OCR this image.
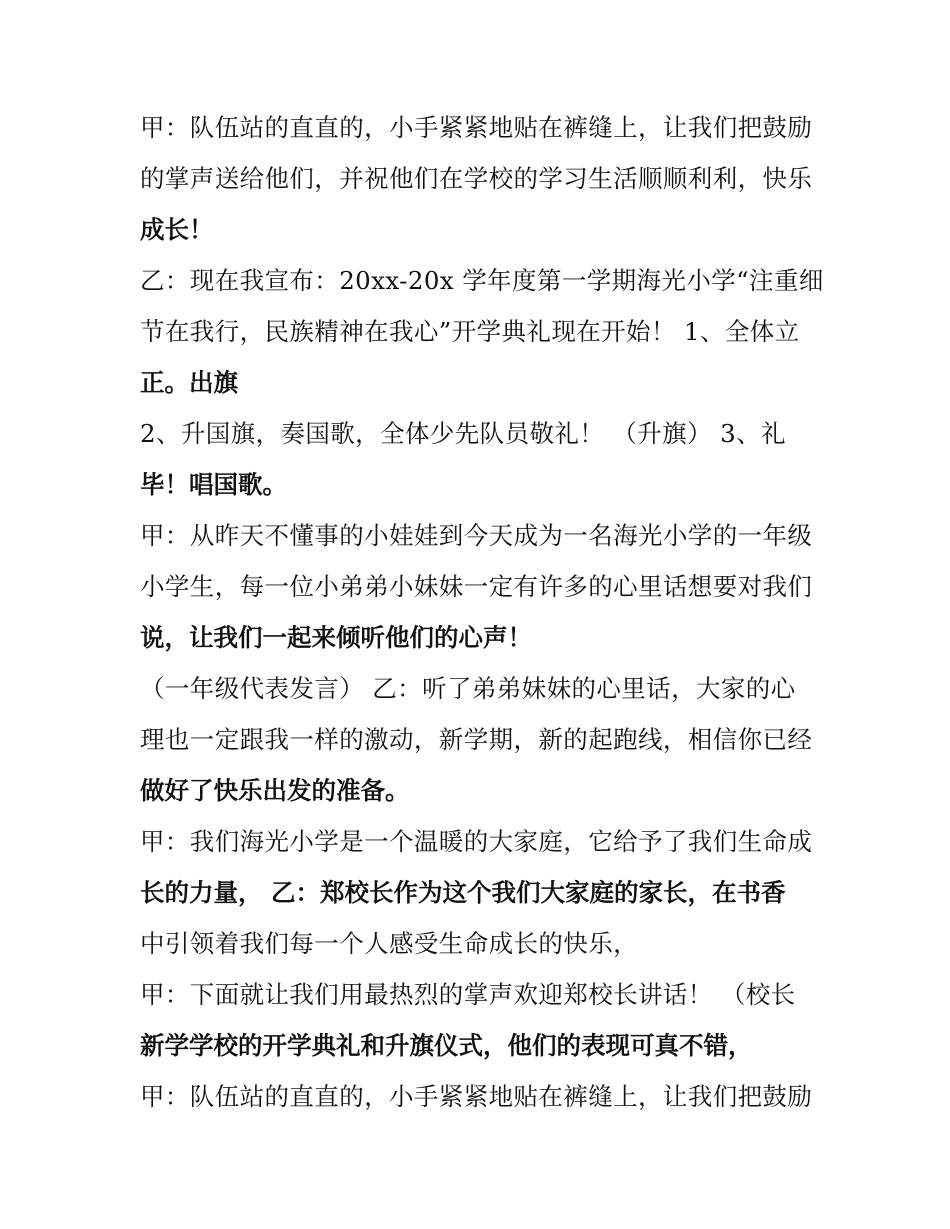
甲：队伍站的直直的，小手紧紧地贴在裤缝上，让我们把鼓励
的掌声送给他们，并祝他们在学校的学习生活顺顺利利，快乐
成长！
乙：现在我宣布：20xx-20x 学年度第一学期海光小学“注重细
节在我行，民族精神在我心”开学典礼现在开始！ 1、全体立
正。出旗
2、升国旗，奏国歌，全体少先队员敬礼！ （升旗） 3、礼
毕！唱国歌。
甲：从昨天不懂事的小娃娃到今天成为一名海光小学的一年级
小学生，每一位小弟弟小妹妹一定有许多的心里话想要对我们
说，让我们一起来倾听他们的心声！
（一年级代表发言） 乙：听了弟弟妹妹的心里话，大家的心
理也一定跟我一样的激动，新学期，新的起跑线，相信你已经
做好了快乐出发的准备。
甲：我们海光小学是一个温暖的大家庭，它给予了我们生命成
长的力量， 乙：郑校长作为这个我们大家庭的家长，在书香
中引领着我们每一个人感受生命成长的快乐，
甲：下面就让我们用最热烈的掌声欢迎郑校长讲话！ （校长
新学学校的开学典礼和升旗仪式，他们的表现可真不错，
甲：队伍站的直直的，小手紧紧地贴在裤缝上，让我们把鼓励
